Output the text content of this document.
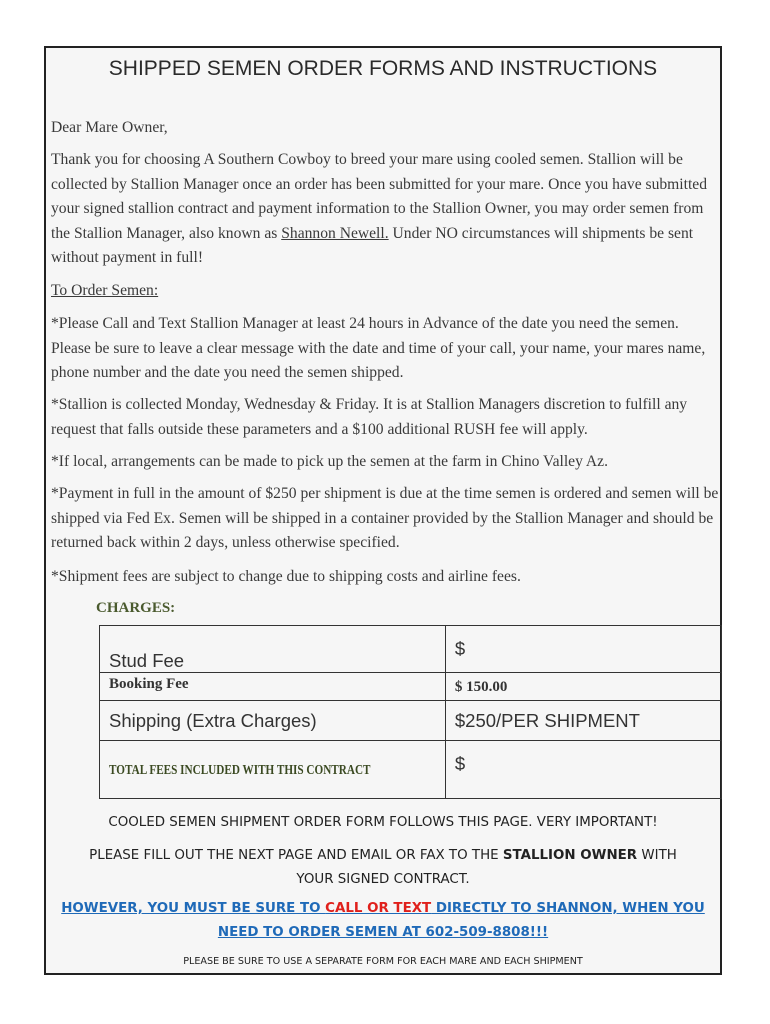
SHIPPED SEMEN ORDER FORMS AND INSTRUCTIONS

Dear Mare Owner,

Thank you for choosing A Southern Cowboy to breed your mare using cooled semen. Stallion will be collected by Stallion Manager once an order has been submitted for your mare. Once you have submitted your signed stallion contract and payment information to the Stallion Owner, you may order semen from the Stallion Manager, also known as Shannon Newell. Under NO circumstances will shipments be sent without payment in full!

To Order Semen:

*Please Call and Text Stallion Manager at least 24 hours in Advance of the date you need the semen. Please be sure to leave a clear message with the date and time of your call, your name, your mares name, phone number and the date you need the semen shipped.

*Stallion is collected Monday, Wednesday & Friday. It is at Stallion Managers discretion to fulfill any request that falls outside these parameters and a $100 additional RUSH fee will apply.

*If local, arrangements can be made to pick up the semen at the farm in Chino Valley Az.

*Payment in full in the amount of $250 per shipment is due at the time semen is ordered and semen will be shipped via Fed Ex. Semen will be shipped in a container provided by the Stallion Manager and should be returned back within 2 days, unless otherwise specified.

*Shipment fees are subject to change due to shipping costs and airline fees.

CHARGES:
Stud Fee	$
Booking Fee	$ 150.00
Shipping (Extra Charges)	$250/PER SHIPMENT
TOTAL FEES INCLUDED WITH THIS CONTRACT	$

COOLED SEMEN SHIPMENT ORDER FORM FOLLOWS THIS PAGE. VERY IMPORTANT!

PLEASE FILL OUT THE NEXT PAGE AND EMAIL OR FAX TO THE STALLION OWNER WITH
YOUR SIGNED CONTRACT.

HOWEVER, YOU MUST BE SURE TO CALL OR TEXT DIRECTLY TO SHANNON, WHEN YOU
NEED TO ORDER SEMEN AT 602-509-8808!!!

PLEASE BE SURE TO USE A SEPARATE FORM FOR EACH MARE AND EACH SHIPMENT
